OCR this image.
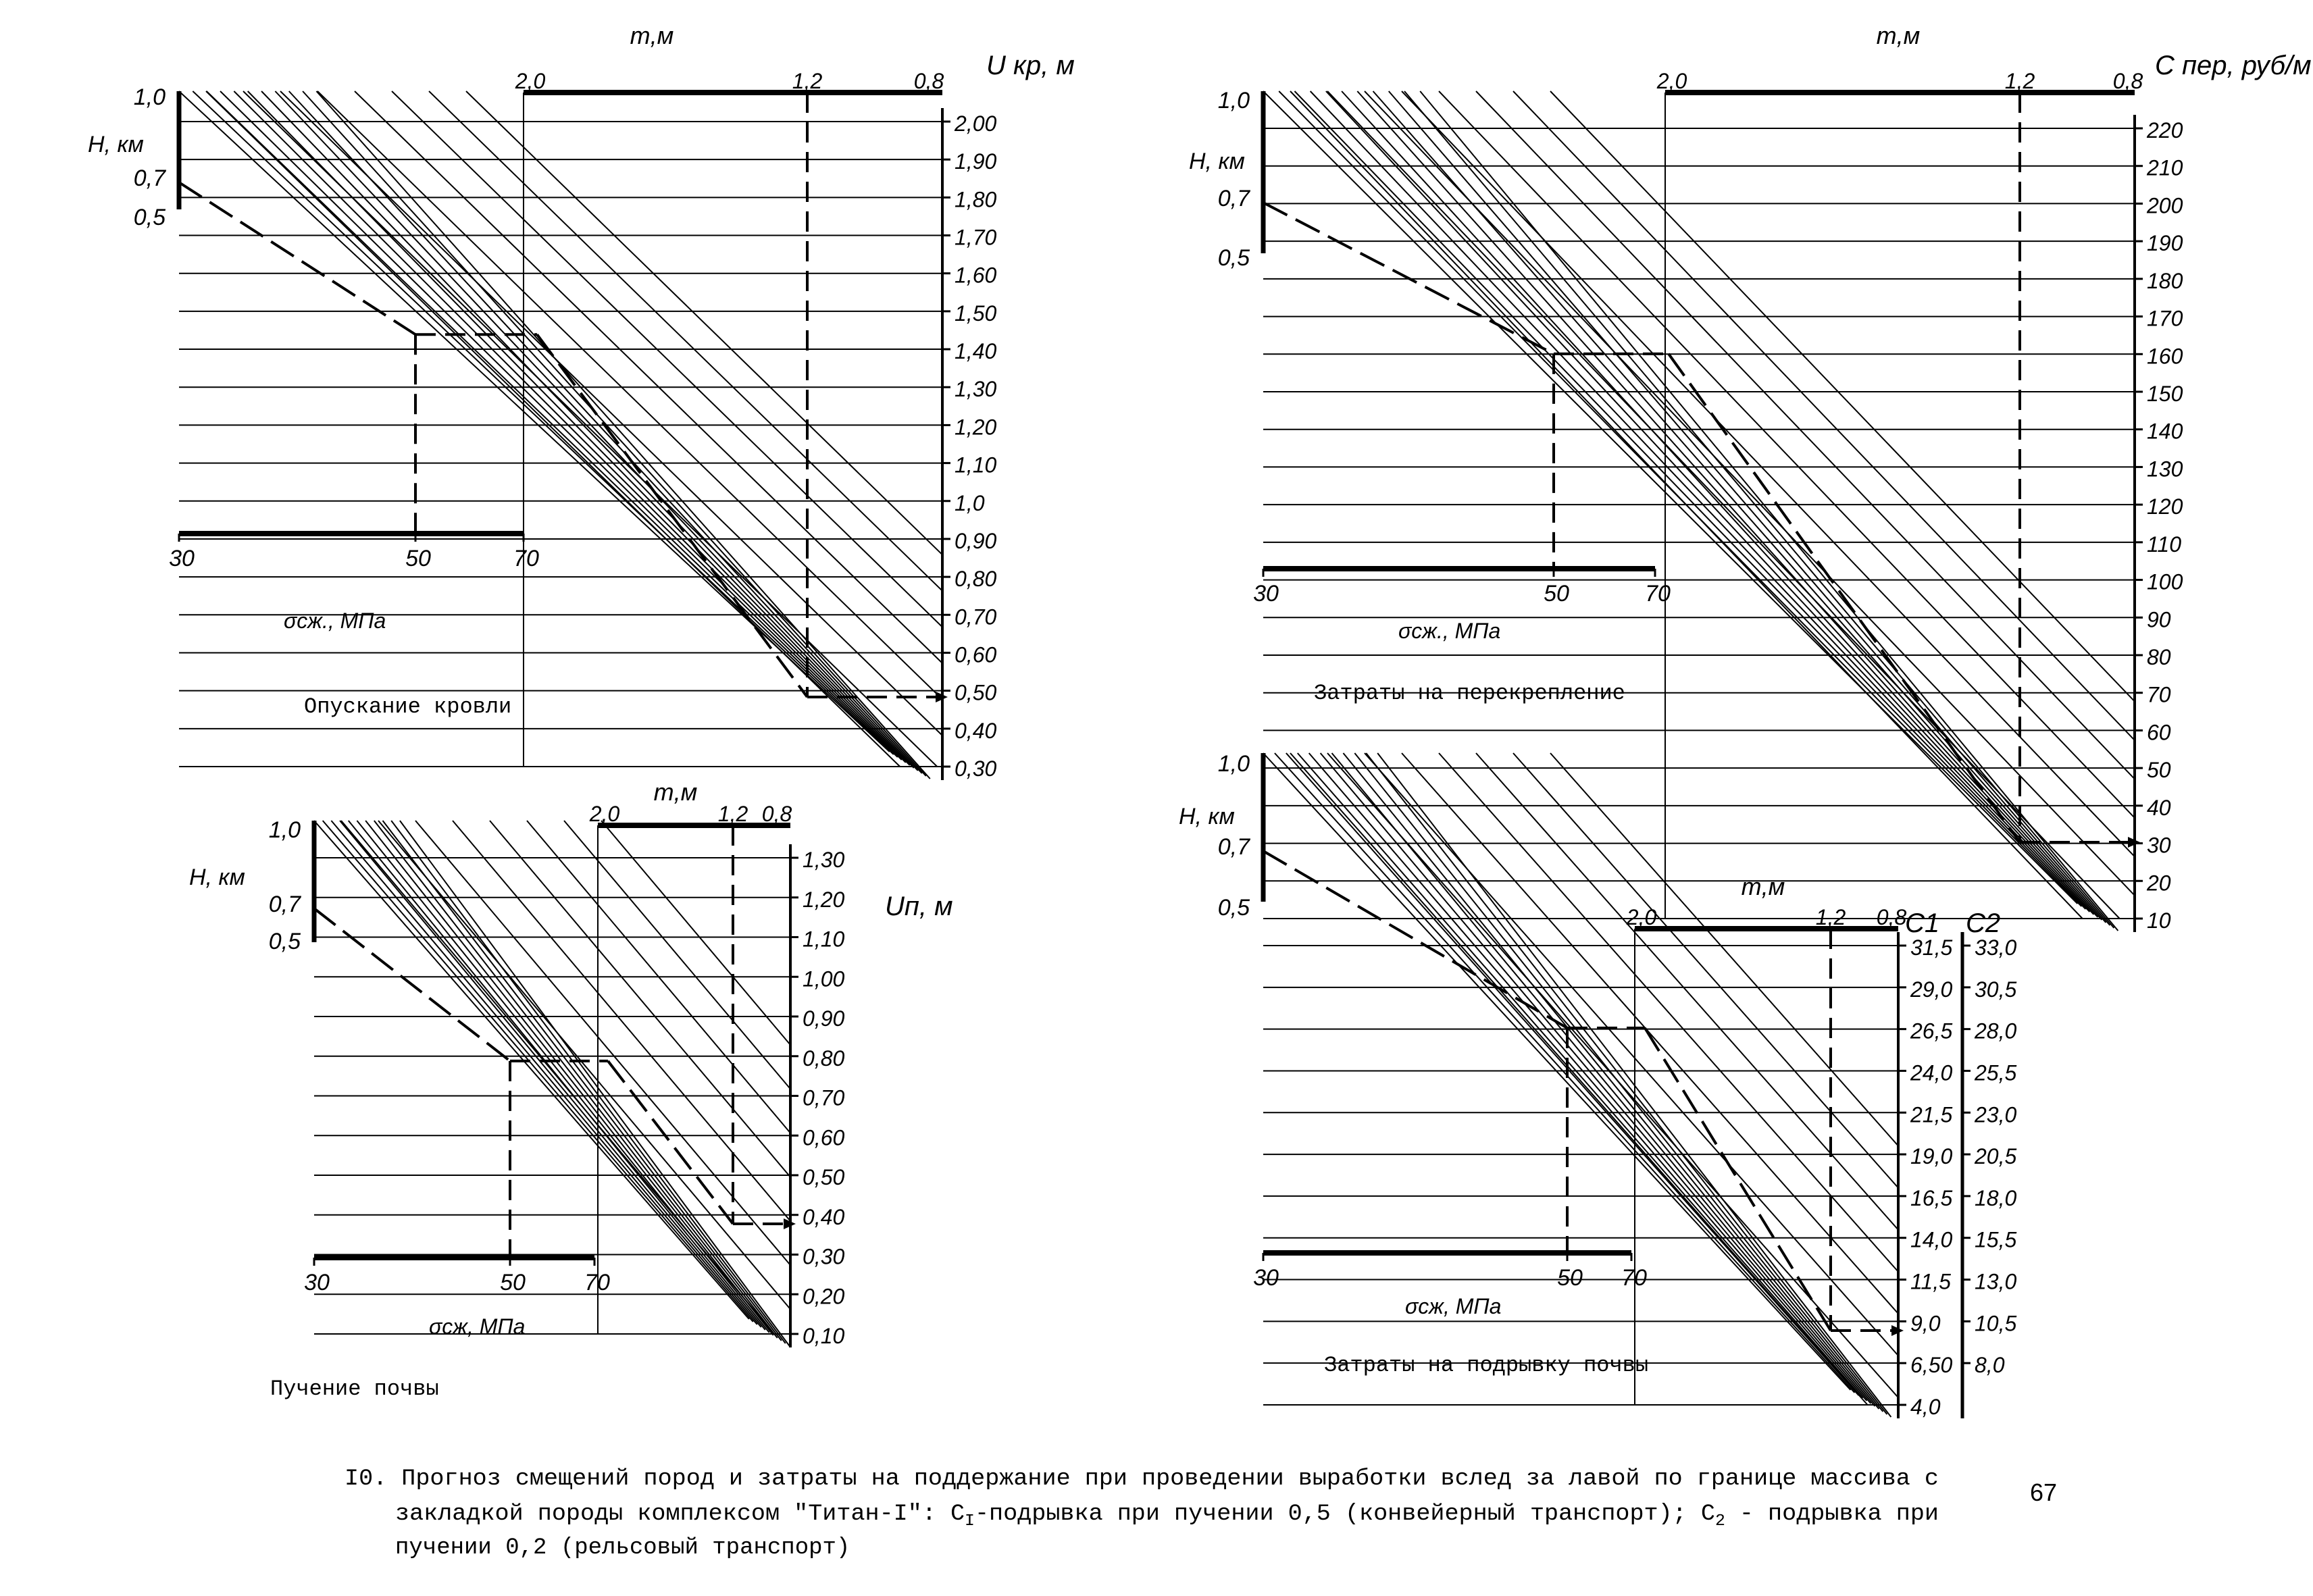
1,0
0,7
0,5
Н, км
30	50	70
σсж., МПа
2,0	1,2	0,8
m,м
2,00
1,90
1,80
1,70
1,60
1,50
1,40
1,30
1,20
1,10
1,0
0,90
0,80
0,70
0,60
0,50
0,40
0,30
U кр, м
Опускание кровли
1,0
0,7
0,5
Н, км
30	50	70
σсж., МПа
2,0	1,2	0,8
m,м
220
210
200
190
180
170
160
150
140
130
120
110
100
90
80
70
60
50
40
30
20
10
С пер, руб/м
Затраты на перекрепление
1,0
0,7
0,5
Н, км
30	50	70
σсж, МПа
2,0	1,2 0,8
m,м
1,30
1,20
1,10
1,00
0,90
0,80
0,70
0,60
0,50
0,40
0,30
0,20
0,10
Uп, м
Пучение почвы
1,0
0,7
0,5
Н, км
30	50 70
σсж, МПа
2,0	1,2 0,8
m,м
31,5
29,0
26,5
24,0
21,5
19,0
16,5
14,0
11,5
9,0
6,50
4,0
С1
33,0
30,5
28,0
25,5
23,0
20,5
18,0
15,5
13,0
10,5
8,0
С2
Затраты на подрывку почвы
I0. Прогноз смещений пород и затраты на поддержание при проведении выработки вслед за лавой по границе массива с
закладкой породы комплексом "Титан-I": С $_I$-подрывка при пучении 0,5 (конвейерный транспорт); С $_2$ - подрывка при
пучении 0,2 (рельсовый транспорт)
67
